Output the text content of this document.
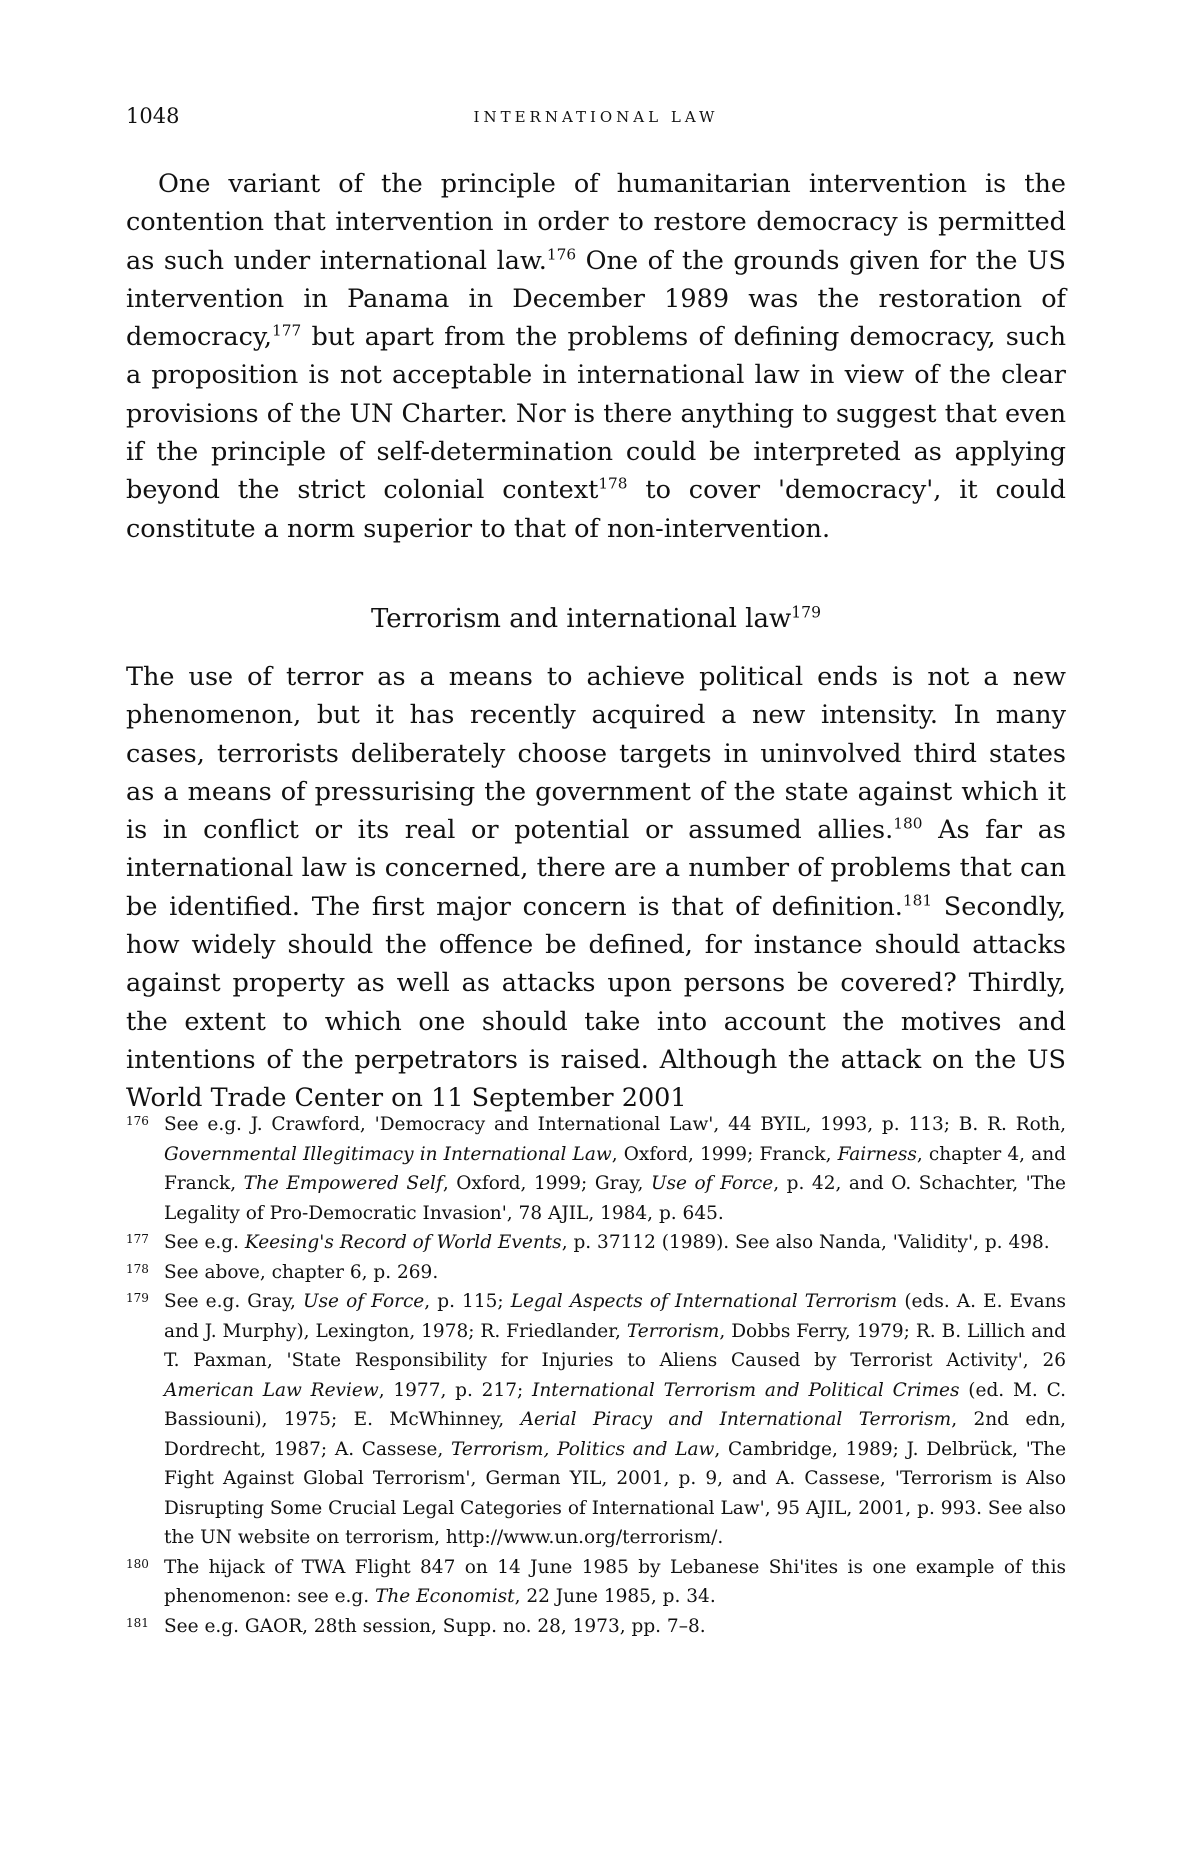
1048	INTERNATIONAL LAW

One variant of the principle of humanitarian intervention is the contention that intervention in order to restore democracy is permitted as such under international law.$^{176}$ One of the grounds given for the US intervention in Panama in December 1989 was the restoration of democracy,$^{177}$ but apart from the problems of defining democracy, such a proposition is not acceptable in international law in view of the clear provisions of the UN Charter. Nor is there anything to suggest that even if the principle of self-determination could be interpreted as applying beyond the strict colonial context$^{178}$ to cover 'democracy', it could constitute a norm superior to that of non-intervention.

Terrorism and international law$^{179}$

The use of terror as a means to achieve political ends is not a new phenomenon, but it has recently acquired a new intensity. In many cases, terrorists deliberately choose targets in uninvolved third states as a means of pressurising the government of the state against which it is in conflict or its real or potential or assumed allies.$^{180}$ As far as international law is concerned, there are a number of problems that can be identified. The first major concern is that of definition.$^{181}$ Secondly, how widely should the offence be defined, for instance should attacks against property as well as attacks upon persons be covered? Thirdly, the extent to which one should take into account the motives and intentions of the perpetrators is raised. Although the attack on the US World Trade Center on 11 September 2001

176 See e.g. J. Crawford, 'Democracy and International Law', 44 BYIL, 1993, p. 113; B. R. Roth, Governmental Illegitimacy in International Law, Oxford, 1999; Franck, Fairness, chapter 4, and Franck, The Empowered Self, Oxford, 1999; Gray, Use of Force, p. 42, and O. Schachter, 'The Legality of Pro-Democratic Invasion', 78 AJIL, 1984, p. 645.

177 See e.g. Keesing's Record of World Events, p. 37112 (1989). See also Nanda, 'Validity', p. 498.

178 See above, chapter 6, p. 269.

179 See e.g. Gray, Use of Force, p. 115; Legal Aspects of International Terrorism (eds. A. E. Evans and J. Murphy), Lexington, 1978; R. Friedlander, Terrorism, Dobbs Ferry, 1979; R. B. Lillich and T. Paxman, 'State Responsibility for Injuries to Aliens Caused by Terrorist Activity', 26 American Law Review, 1977, p. 217; International Terrorism and Political Crimes (ed. M. C. Bassiouni), 1975; E. McWhinney, Aerial Piracy and International Terrorism, 2nd edn, Dordrecht, 1987; A. Cassese, Terrorism, Politics and Law, Cambridge, 1989; J. Delbrück, 'The Fight Against Global Terrorism', German YIL, 2001, p. 9, and A. Cassese, 'Terrorism is Also Disrupting Some Crucial Legal Categories of International Law', 95 AJIL, 2001, p. 993. See also the UN website on terrorism, http://www.un.org/terrorism/.

180 The hijack of TWA Flight 847 on 14 June 1985 by Lebanese Shi'ites is one example of this phenomenon: see e.g. The Economist, 22 June 1985, p. 34.

181 See e.g. GAOR, 28th session, Supp. no. 28, 1973, pp. 7–8.
